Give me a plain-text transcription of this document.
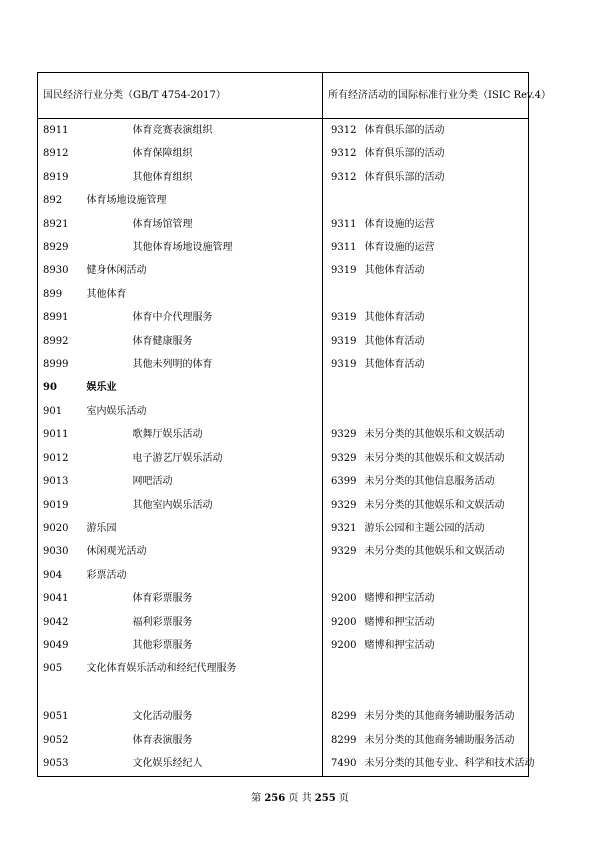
国民经济行业分类（GB/T 4754-2017）		所有经济活动的国际标准行业分类（ISIC Rev.4）	
8911	体育竞赛表演组织	9312	体育俱乐部的活动
8912	体育保障组织	9312	体育俱乐部的活动
8919	其他体育组织	9312	体育俱乐部的活动
892	体育场地设施管理		
8921	体育场馆管理	9311	体育设施的运营
8929	其他体育场地设施管理	9311	体育设施的运营
8930	健身休闲活动	9319	其他体育活动
899	其他体育		
8991	体育中介代理服务	9319	其他体育活动
8992	体育健康服务	9319	其他体育活动
8999	其他未列明的体育	9319	其他体育活动
90	娱乐业		
901	室内娱乐活动		
9011	歌舞厅娱乐活动	9329	未另分类的其他娱乐和文娱活动
9012	电子游艺厅娱乐活动	9329	未另分类的其他娱乐和文娱活动
9013	网吧活动	6399	未另分类的其他信息服务活动
9019	其他室内娱乐活动	9329	未另分类的其他娱乐和文娱活动
9020	游乐园	9321	游乐公园和主题公园的活动
9030	休闲观光活动	9329	未另分类的其他娱乐和文娱活动
904	彩票活动		
9041	体育彩票服务	9200	赌博和押宝活动
9042	福利彩票服务	9200	赌博和押宝活动
9049	其他彩票服务	9200	赌博和押宝活动

905	文化体育娱乐活动和经纪代理服务		

9051	文化活动服务	8299	未另分类的其他商务辅助服务活动
9052	体育表演服务	8299	未另分类的其他商务辅助服务活动
9053	文化娱乐经纪人	7490	未另分类的其他专业、科学和技术活动
第 256 页 共 255 页
